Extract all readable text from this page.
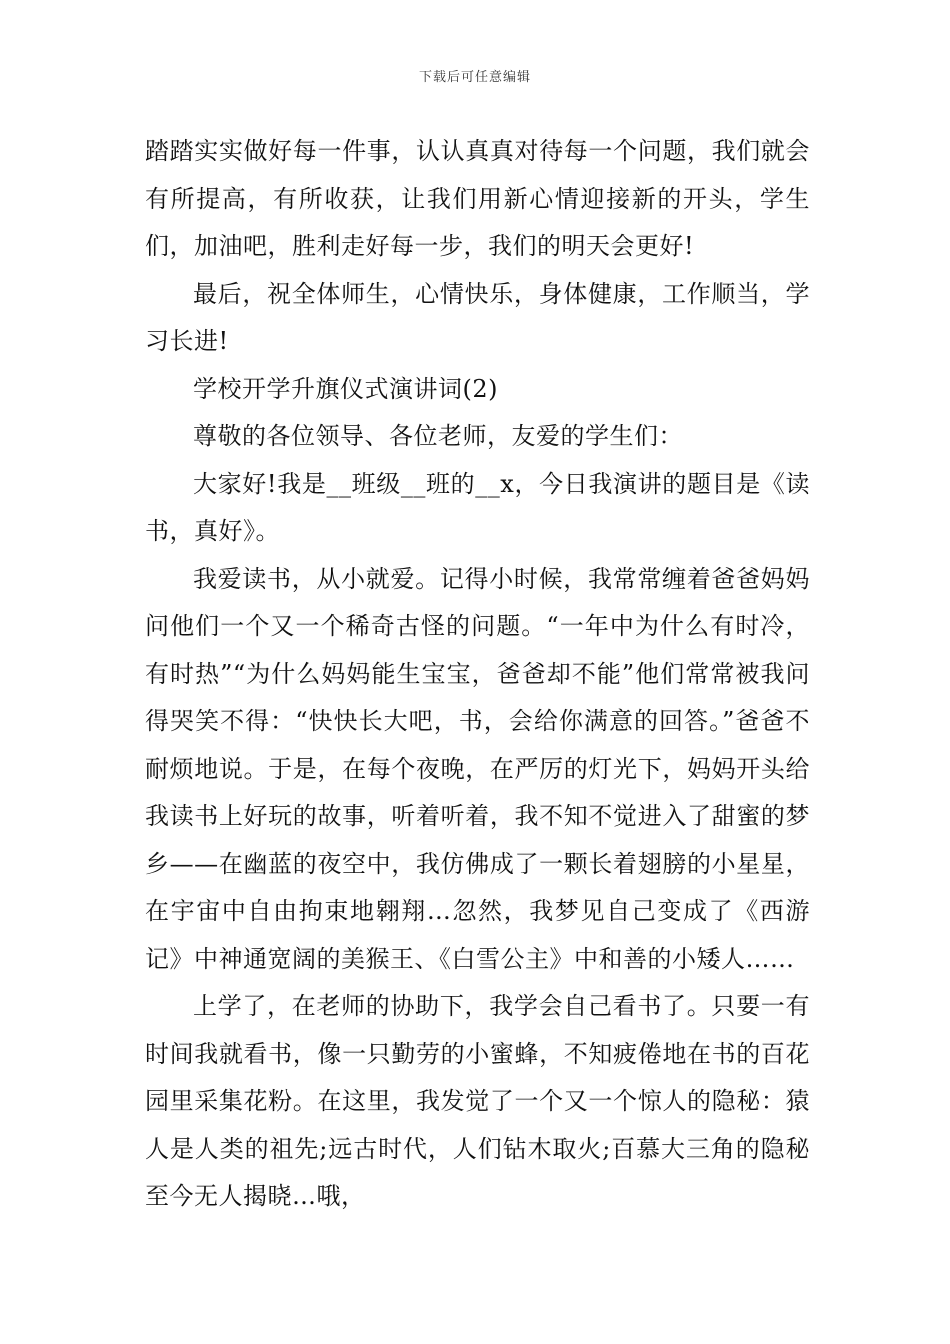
下载后可任意编辑

踏踏实实做好每一件事，认认真真对待每一个问题，我们就会有所提高，有所收获，让我们用新心情迎接新的开头，学生们，加油吧，胜利走好每一步，我们的明天会更好!

最后，祝全体师生，心情快乐，身体健康，工作顺当，学习长进!

学校开学升旗仪式演讲词(2)

尊敬的各位领导、各位老师，友爱的学生们：

大家好!我是__班级__班的__x，今日我演讲的题目是《读书，真好》。

我爱读书，从小就爱。记得小时候，我常常缠着爸爸妈妈问他们一个又一个稀奇古怪的问题。“一年中为什么有时冷，有时热”“为什么妈妈能生宝宝，爸爸却不能”他们常常被我问得哭笑不得：“快快长大吧，书，会给你满意的回答。”爸爸不耐烦地说。于是，在每个夜晚，在严厉的灯光下，妈妈开头给我读书上好玩的故事，听着听着，我不知不觉进入了甜蜜的梦乡——在幽蓝的夜空中，我仿佛成了一颗长着翅膀的小星星，在宇宙中自由拘束地翱翔…忽然，我梦见自己变成了《西游记》中神通宽阔的美猴王、《白雪公主》中和善的小矮人……

上学了，在老师的协助下，我学会自己看书了。只要一有时间我就看书，像一只勤劳的小蜜蜂，不知疲倦地在书的百花园里采集花粉。在这里，我发觉了一个又一个惊人的隐秘：猿人是人类的祖先;远古时代，人们钻木取火;百慕大三角的隐秘至今无人揭晓…哦，
